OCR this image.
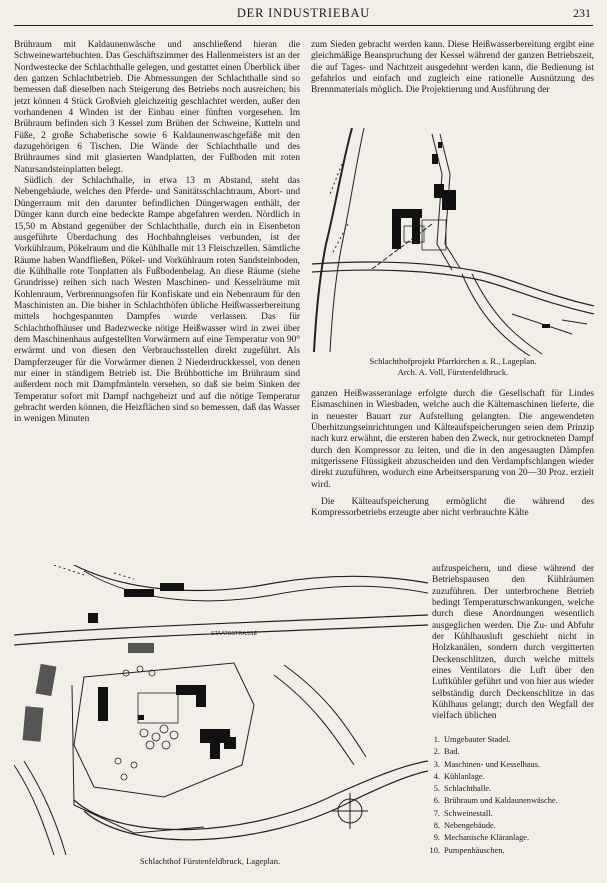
DER INDUSTRIEBAU	231

Brühraum mit Kaldaunenwäsche und anschließend hieran die Schweinewartebuchten. Das Geschäftszimmer des Hallenmeisters ist an der Nordwestecke der Schlachthalle gelegen, und gestattet einen Überblick über den ganzen Schlachtbetrieb. Die Abmessungen der Schlachthalle sind so bemessen daß dieselben nach Steigerung des Betriebs noch ausreichen; bis jetzt können 4 Stück Großvieh gleichzeitig geschlachtet werden, außer den vorhandenen 4 Winden ist der Einbau einer fünften vorgesehen. Im Brühraum befinden sich 3 Kessel zum Brühen der Schweine, Kutteln und Füße, 2 große Schabetische sowie 6 Kaldaunenwaschgefäße mit den dazugehörigen 6 Tischen. Die Wände der Schlachthalle und des Brühraumes sind mit glasierten Wandplatten, der Fußboden mit roten Natursandsteinplatten belegt.

Südlich der Schlachthalle, in etwa 13 m Abstand, steht das Nebengebäude, welches den Pferde- und Sanitätsschlachtraum, Abort- und Düngerraum mit den darunter befindlichen Düngerwagen enthält, der Dünger kann durch eine bedeckte Rampe abgefahren werden. Nördlich in 15,50 m Abstand gegenüber der Schlachthalle, durch ein in Eisenbeton ausgeführte Überdachung des Hochbahngleises verbunden, ist der Vorkühlraum, Pökelraum und die Kühlhalle mit 13 Fleischzellen. Sämtliche Räume haben Wandfließen, Pökel- und Vorkühlraum roten Sandsteinboden, die Kühlhalle rote Tonplatten als Fußbodenbelag. An diese Räume (siehe Grundrisse) reihen sich nach Westen Maschinen- und Kesselräume mit Kohlenraum, Verbrennungsofen für Konfiskate und ein Nebenraum für den Maschinisten an. Die bisher in Schlachthöfen übliche Heißwasserbereitung mittels hochgespannten Dampfes wurde verlassen. Das für Schlachthofhäuser und Badezwecke nötige Heißwasser wird in zwei über dem Maschinenhaus aufgestellten Vorwärmern auf eine Temperatur von 90° erwärmt und von diesen den Verbrauchsstellen direkt zugeführt. Als Dampferzeuger für die Vorwärmer dienen 2 Niederdruckkessel, von denen nur einer in ständigem Betrieb ist. Die Brühbottiche im Brühraum sind außerdem noch mit Dampfmänteln versehen, so daß sie beim Sinken der Temperatur sofort mit Dampf nachgeheizt und auf die nötige Temperatur gebracht werden können, die Heizflächen sind so bemessen, daß das Wasser in wenigen Minuten

zum Sieden gebracht werden kann. Diese Heißwasserbereitung ergibt eine gleichmäßige Beanspruchung der Kessel während der ganzen Betriebszeit, die auf Tages- und Nachtzeit ausgedehnt werden kann, die Bedienung ist gefahrlos und einfach und zugleich eine rationelle Ausnützung des Brennmaterials möglich. Die Projektierung und Ausführung der

Schlachthofprojekt Pfarrkirchen a. R., Lageplan.
Arch. A. Voll, Fürstenfeldbruck.

ganzen Heißwasseranlage erfolgte durch die Gesellschaft für Lindes Eismaschinen in Wiesbaden, welche auch die Kältemaschinen lieferte, die in neuester Bauart zur Aufstellung gelangten. Die angewendeten Überhitzungseinrichtungen und Kälteaufspeicherungen seien dem Prinzip nach kurz erwähnt, die ersteren haben den Zweck, nur getrockneten Dampf durch den Kompressor zu leiten, und die in den angesaugten Dämpfen mitgerissene Flüssigkeit abzuscheiden und den Verdampfschlangen wieder direkt zuzuführen, wodurch eine Arbeitsersparung von 20—30 Proz. erzielt wird.

Die Kälteaufspeicherung ermöglicht die während des Kompressorbetriebs erzeugte aber nicht verbrauchte Kälte

aufzuspeichern, und diese während der Betriebspausen den Kühlräumen zuzuführen. Der unterbrochene Betrieb bedingt Temperaturschwankungen, welche durch diese Anordnungen wesentlich ausgeglichen werden. Die Zu- und Abfuhr der Kühlhausluft geschieht nicht in Holzkanälen, sondern durch vergitterten Deckenschlitzen, durch welche mittels eines Ventilators die Luft über den Luftkühler geführt und von hier aus wieder selbständig durch Deckenschlitze in das Kühlhaus gelangt; durch den Wegfall der vielfach üblichen

STAATSSTRASSE
Schlachthof Fürstenfeldbruck, Lageplan.
1. Umgebauter Stadel.
2. Bad.
3. Maschinen- und Kesselhaus.
4. Kühlanlage.
5. Schlachthalle.
6. Brühraum und Kaldaunenwäsche.
7. Schweinestall.
8. Nebengebäude.
9. Mechanische Kläranlage.
10. Pumpenhäuschen.
